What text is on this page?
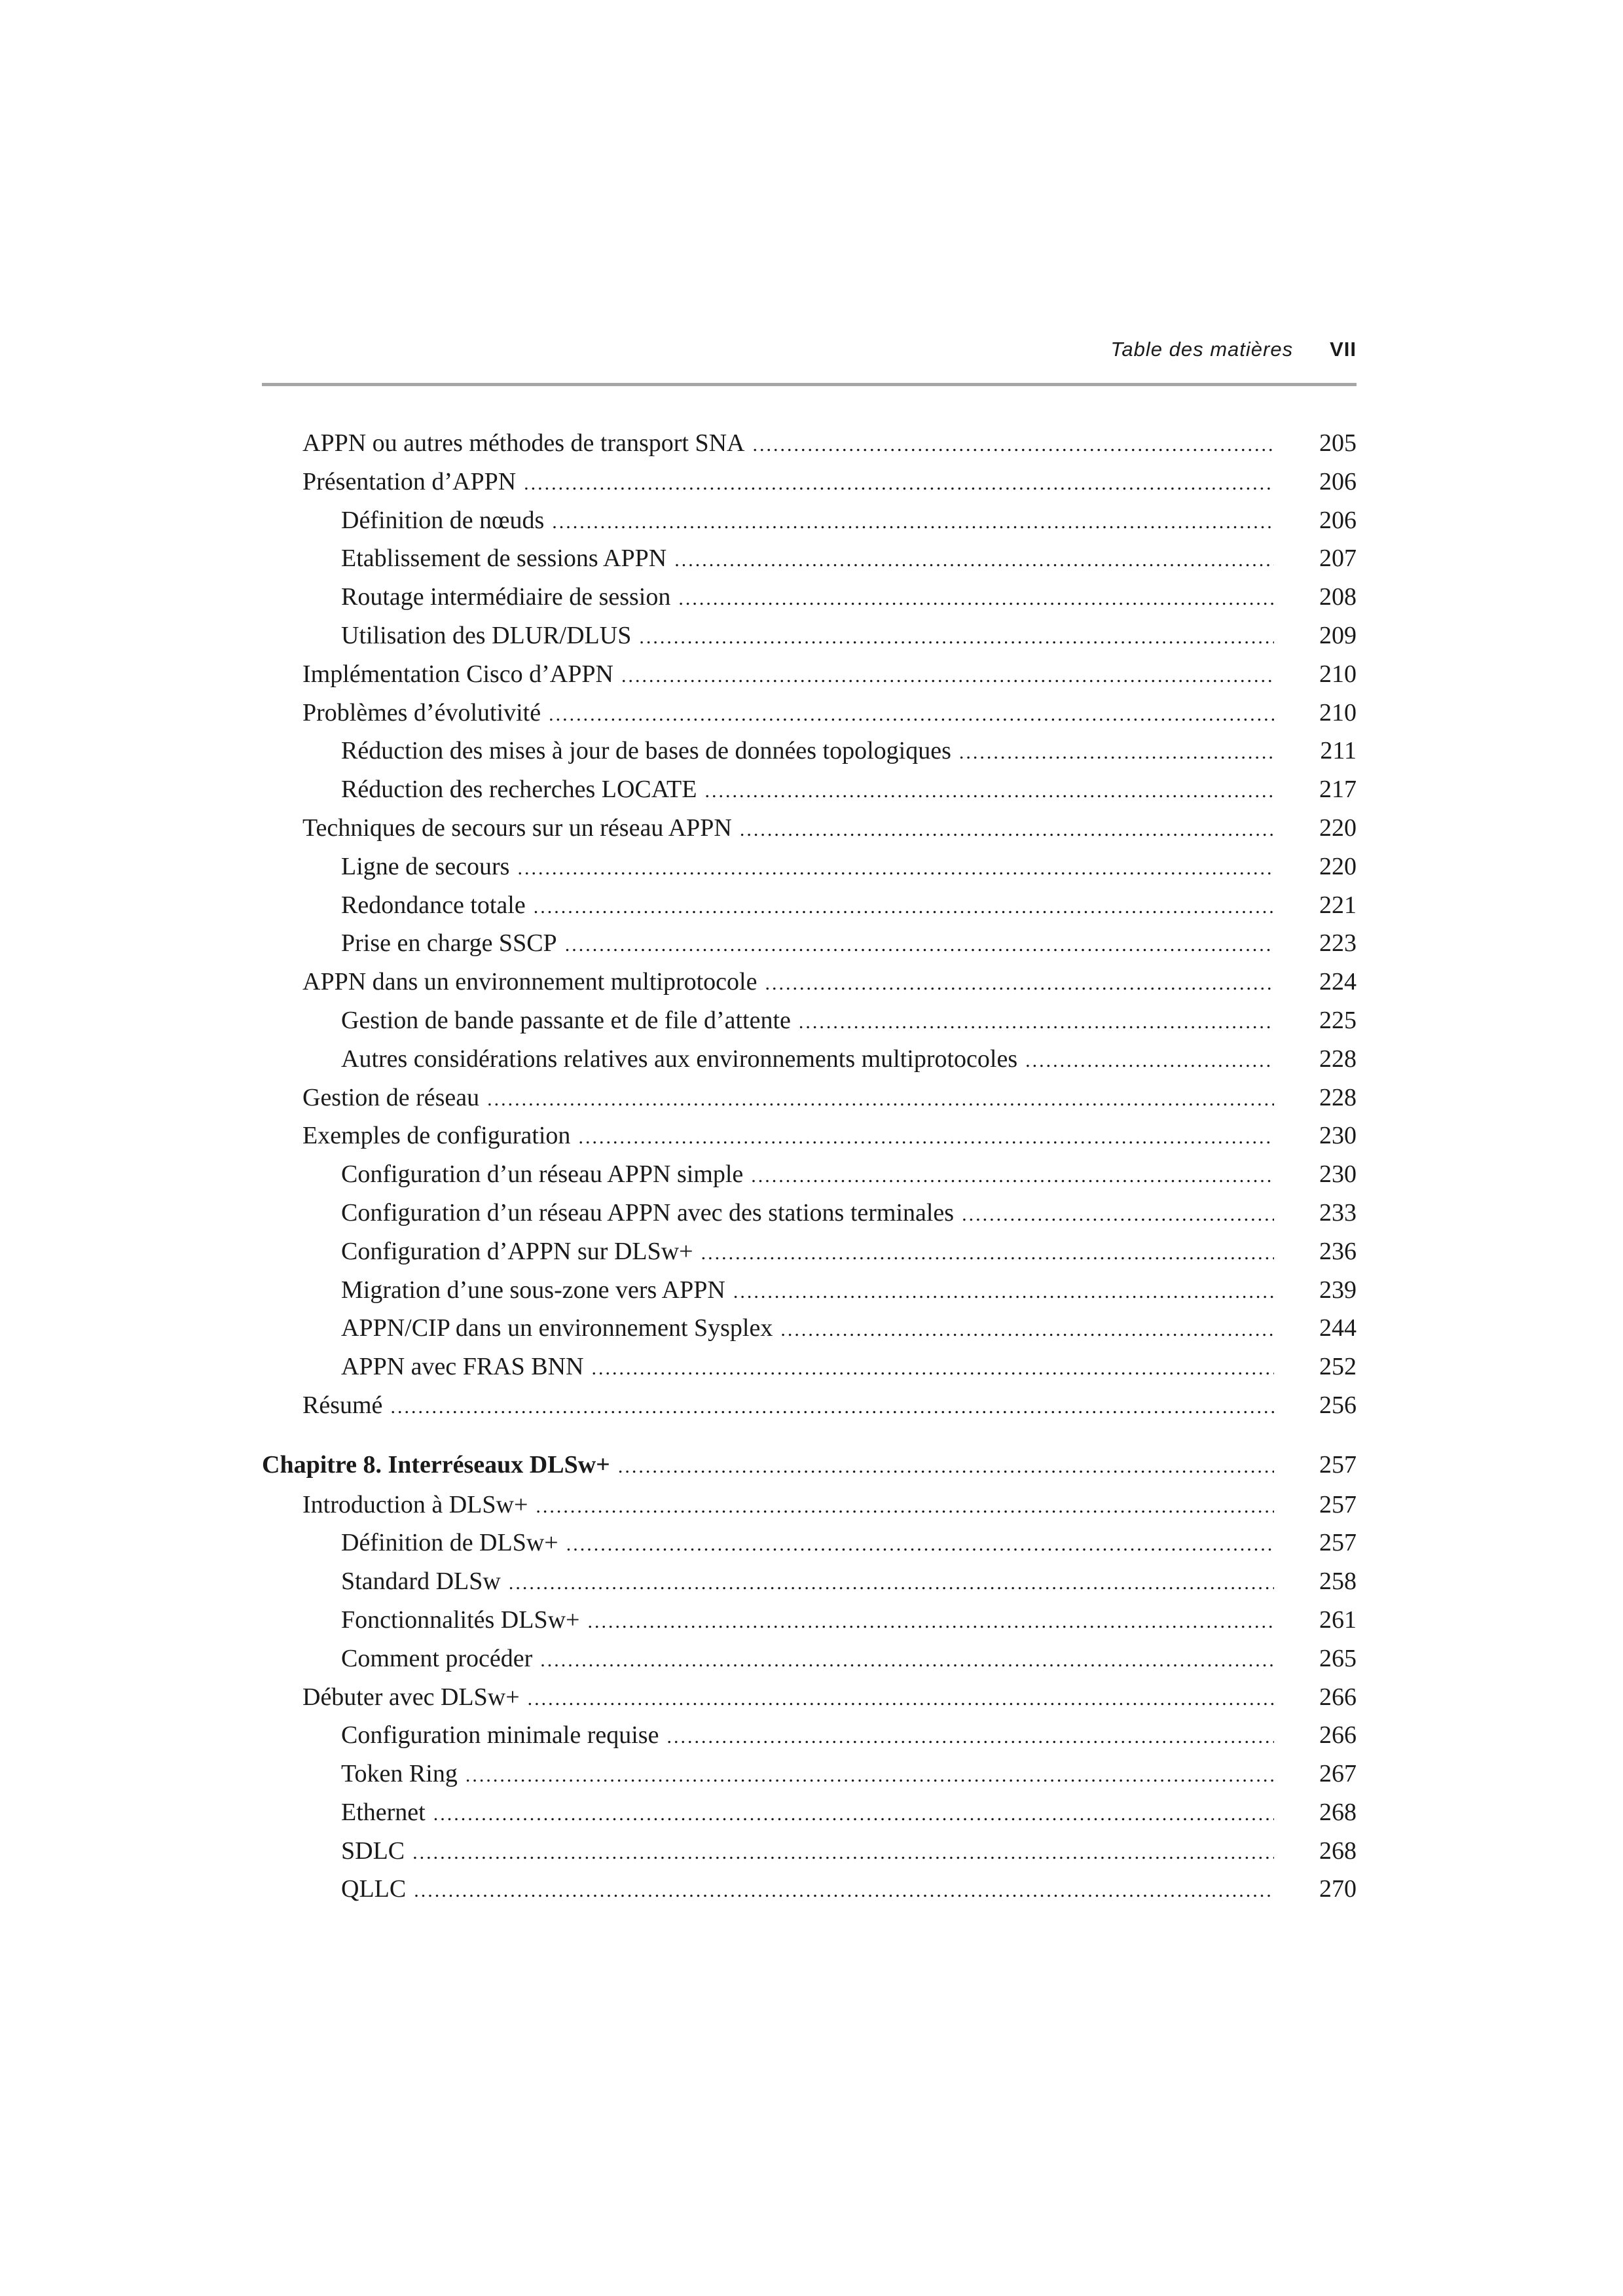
Table des matières VII
APPN ou autres méthodes de transport SNA .....	205
Présentation d’APPN .....	206
Définition de nœuds .....	206
Etablissement de sessions APPN .....	207
Routage intermédiaire de session .....	208
Utilisation des DLUR/DLUS .....	209
Implémentation Cisco d’APPN .....	210
Problèmes d’évolutivité .....	210
Réduction des mises à jour de bases de données topologiques .....	211
Réduction des recherches LOCATE .....	217
Techniques de secours sur un réseau APPN .....	220
Ligne de secours .....	220
Redondance totale .....	221
Prise en charge SSCP .....	223
APPN dans un environnement multiprotocole .....	224
Gestion de bande passante et de file d’attente .....	225
Autres considérations relatives aux environnements multiprotocoles .....	228
Gestion de réseau .....	228
Exemples de configuration .....	230
Configuration d’un réseau APPN simple .....	230
Configuration d’un réseau APPN avec des stations terminales .....	233
Configuration d’APPN sur DLSw+ .....	236
Migration d’une sous-zone vers APPN .....	239
APPN/CIP dans un environnement Sysplex .....	244
APPN avec FRAS BNN .....	252
Résumé .....	256
Chapitre 8. Interréseaux DLSw+ .....	257
Introduction à DLSw+ .....	257
Définition de DLSw+ .....	257
Standard DLSw .....	258
Fonctionnalités DLSw+ .....	261
Comment procéder .....	265
Débuter avec DLSw+ .....	266
Configuration minimale requise .....	266
Token Ring .....	267
Ethernet .....	268
SDLC .....	268
QLLC .....	270
